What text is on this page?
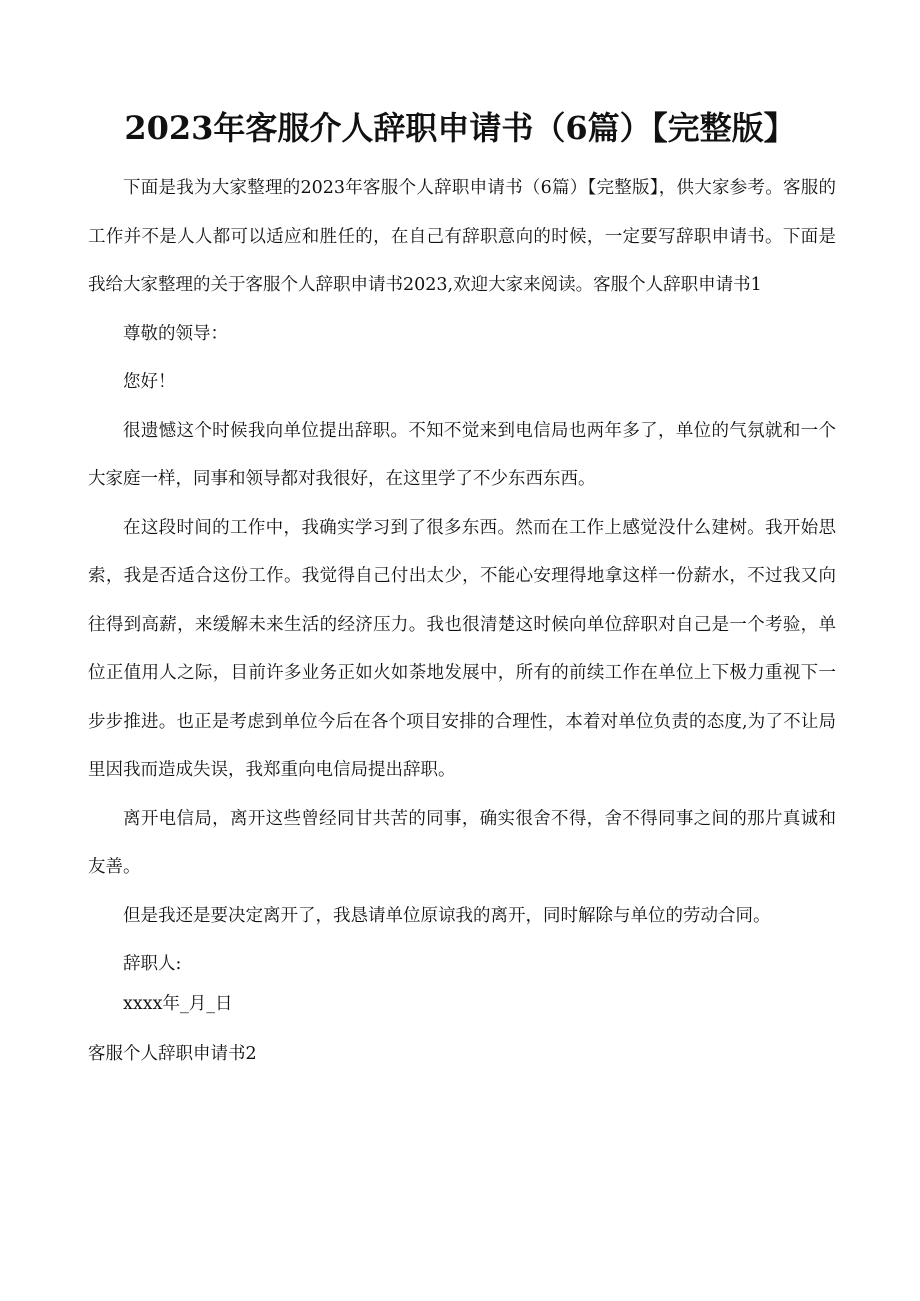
2023年客服介人辞职申请书（6篇）【完整版】

下面是我为大家整理的2023年客服个人辞职申请书（6篇）【完整版】，供大家参考。客服的工作并不是人人都可以适应和胜任的，在自己有辞职意向的时候，一定要写辞职申请书。下面是我给大家整理的关于客服个人辞职申请书2023,欢迎大家来阅读。客服个人辞职申请书1

尊敬的领导：

您好！

很遗憾这个时候我向单位提出辞职。不知不觉来到电信局也两年多了，单位的气氛就和一个大家庭一样，同事和领导都对我很好，在这里学了不少东西东西。

在这段时间的工作中，我确实学习到了很多东西。然而在工作上感觉没什么建树。我开始思索，我是否适合这份工作。我觉得自己付出太少，不能心安理得地拿这样一份薪水，不过我又向往得到高薪，来缓解未来生活的经济压力。我也很清楚这时候向单位辞职对自己是一个考验，单位正值用人之际，目前许多业务正如火如荼地发展中，所有的前续工作在单位上下极力重视下一步步推进。也正是考虑到单位今后在各个项目安排的合理性，本着对单位负责的态度,为了不让局里因我而造成失误，我郑重向电信局提出辞职。

离开电信局，离开这些曾经同甘共苦的同事，确实很舍不得，舍不得同事之间的那片真诚和友善。

但是我还是要决定离开了，我恳请单位原谅我的离开，同时解除与单位的劳动合同。

辞职人:

xxxx年_月_日

客服个人辞职申请书2
